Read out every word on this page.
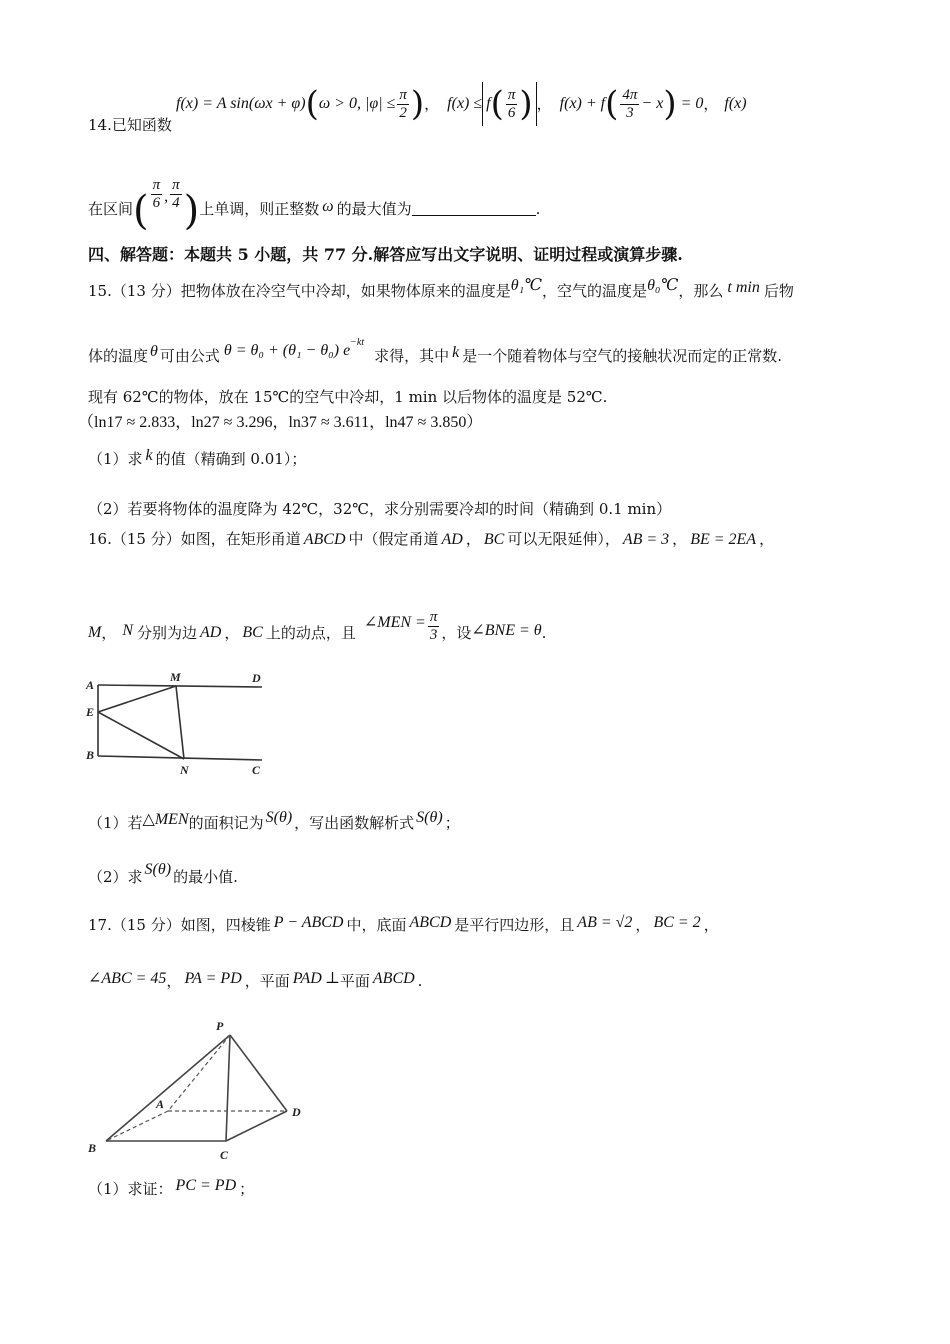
f(x) = A sin(ωx + φ) ( ω > 0, $|\varphi| \le \frac{\pi}{2}$ ) ， f(x) ≤ f ( $\frac{\pi}{6}$ ) ， f(x) + f ( $\frac{4\pi}{3} - x$ ) = 0 ， f(x)
14.已知函数
在区间 ( $\frac{\pi}{6}$ , $\frac{\pi}{4}$ ) 上单调，则正整数 ω 的最大值为	.
四、解答题：本题共 5 小题，共 77 分.解答应写出文字说明、证明过程或演算步骤.
15.（13 分）把物体放在冷空气中冷却，如果物体原来的温度是θ₁℃，空气的温度是θ₀℃，那么 t min 后物
体的温度 θ 可由公式 θ = θ₀ + (θ₁ − θ₀) $e^{-kt}$求得，其中 k 是一个随着物体与空气的接触状况而定的正常数.
现有 62℃的物体，放在 15℃的空气中冷却，1 min 以后物体的温度是 52℃.
（ln17 ≈ 2.833，ln27 ≈ 3.296，ln37 ≈ 3.611，ln47 ≈ 3.850）
（1）求 k 的值（精确到 0.01）；
（2）若要将物体的温度降为 42℃，32℃，求分别需要冷却的时间（精确到 0.1 min）
16.（15 分）如图，在矩形甬道 ABCD 中（假定甬道 AD ， BC 可以无限延伸）， AB = 3 ， BE = 2EA ，
M ， N 分别为边 AD ， BC 上的动点，且
∠MEN = $\frac{\pi}{3}$ ，设 ∠BNE = θ .
A
E
B
M
N
D
C
（1）若△MEN的面积记为 S(θ) ，写出函数解析式 S(θ) ；
（2）求 S(θ) 的最小值.
17.（15 分）如图，四棱锥 P − ABCD 中，底面 ABCD 是平行四边形，且 AB = √2 ， BC = 2 ，
∠ABC = 45， PA = PD ，平面 PAD ⊥平面 ABCD .
P
A
B	C
D
（1）求证： PC = PD ；
